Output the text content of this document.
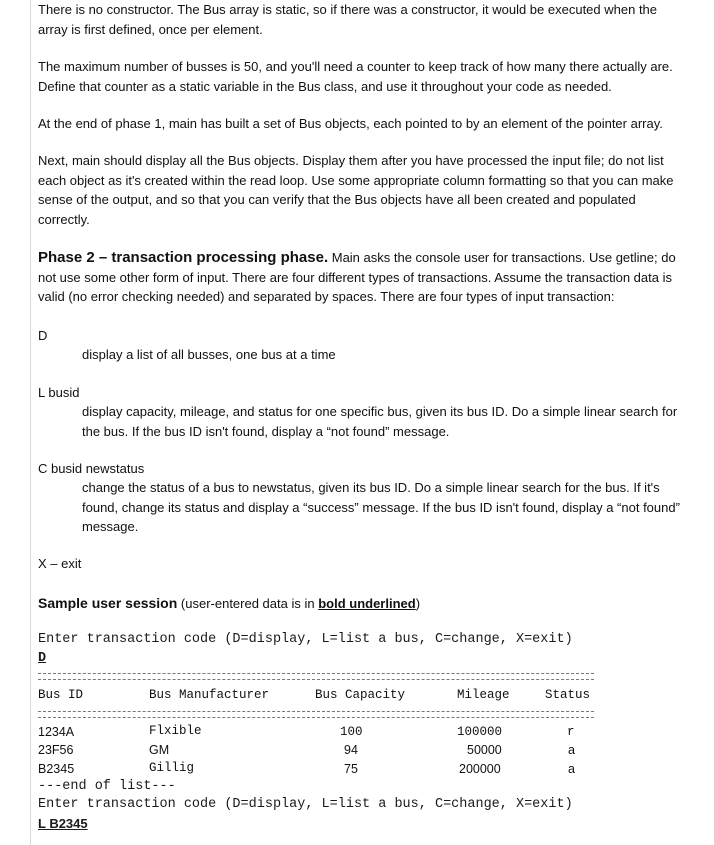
There is no constructor. The Bus array is static, so if there was a constructor, it would be executed when the array is first defined, once per element.
The maximum number of busses is 50, and you'll need a counter to keep track of how many there actually are. Define that counter as a static variable in the Bus class, and use it throughout your code as needed.
At the end of phase 1, main has built a set of Bus objects, each pointed to by an element of the pointer array.
Next, main should display all the Bus objects. Display them after you have processed the input file; do not list each object as it's created within the read loop. Use some appropriate column formatting so that you can make sense of the output, and so that you can verify that the Bus objects have all been created and populated correctly.
Phase 2 – transaction processing phase. Main asks the console user for transactions. Use getline; do not use some other form of input. There are four different types of transactions. Assume the transaction data is valid (no error checking needed) and separated by spaces. There are four types of input transaction:
D
display a list of all busses, one bus at a time
L busid
display capacity, mileage, and status for one specific bus, given its bus ID. Do a simple linear search for the bus. If the bus ID isn't found, display a “not found” message.
C busid newstatus
change the status of a bus to newstatus, given its bus ID. Do a simple linear search for the bus. If it's found, change its status and display a “success” message. If the bus ID isn't found, display a “not found” message.
X – exit
Sample user session (user-entered data is in bold underlined)
Enter transaction code (D=display, L=list a bus, C=change, X=exit)
D
Bus ID	Bus Manufacturer	Bus Capacity	Mileage	Status
1234A	Flxible	100	100000	r
23F56	GM	94	50000	a
B2345	Gillig	75	200000	a
---end of list---
Enter transaction code (D=display, L=list a bus, C=change, X=exit)
L B2345
